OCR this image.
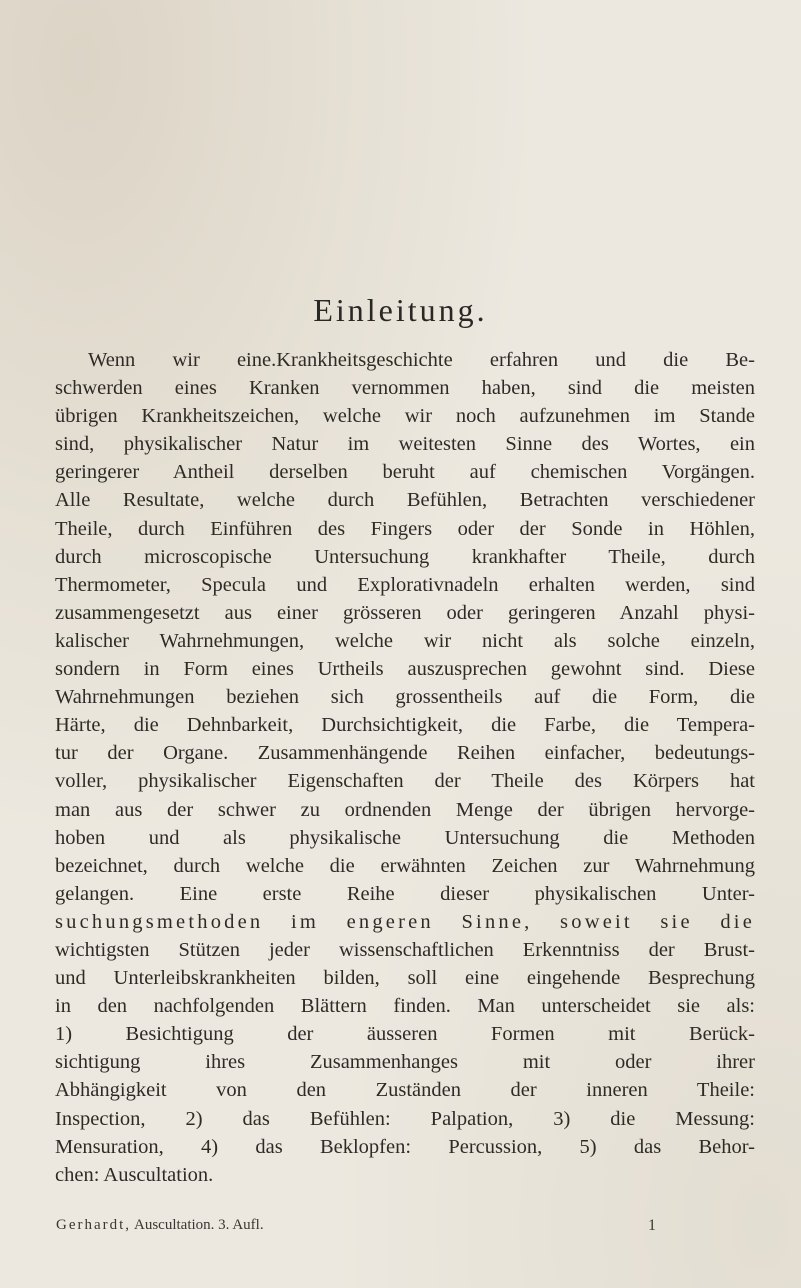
Einleitung.
Wenn wir eine.Krankheitsgeschichte erfahren und die Be-
schwerden eines Kranken vernommen haben, sind die meisten
übrigen Krankheitszeichen, welche wir noch aufzunehmen im Stande
sind, physikalischer Natur im weitesten Sinne des Wortes, ein
geringerer Antheil derselben beruht auf chemischen Vorgängen.
Alle Resultate, welche durch Befühlen, Betrachten verschiedener
Theile, durch Einführen des Fingers oder der Sonde in Höhlen,
durch microscopische Untersuchung krankhafter Theile, durch
Thermometer, Specula und Explorativnadeln erhalten werden, sind
zusammengesetzt aus einer grösseren oder geringeren Anzahl physi-
kalischer Wahrnehmungen, welche wir nicht als solche einzeln,
sondern in Form eines Urtheils auszusprechen gewohnt sind. Diese
Wahrnehmungen beziehen sich grossentheils auf die Form, die
Härte, die Dehnbarkeit, Durchsichtigkeit, die Farbe, die Tempera-
tur der Organe. Zusammenhängende Reihen einfacher, bedeutungs-
voller, physikalischer Eigenschaften der Theile des Körpers hat
man aus der schwer zu ordnenden Menge der übrigen hervorge-
hoben und als physikalische Untersuchung die Methoden
bezeichnet, durch welche die erwähnten Zeichen zur Wahrnehmung
gelangen. Eine erste Reihe dieser physikalischen Unter-
suchungsmethoden im engeren Sinne, soweit sie die
wichtigsten Stützen jeder wissenschaftlichen Erkenntniss der Brust-
und Unterleibskrankheiten bilden, soll eine eingehende Besprechung
in den nachfolgenden Blättern finden. Man unterscheidet sie als:
1) Besichtigung der äusseren Formen mit Berück-
sichtigung ihres Zusammenhanges mit oder ihrer
Abhängigkeit von den Zuständen der inneren Theile:
Inspection, 2) das Befühlen: Palpation, 3) die Messung:
Mensuration, 4) das Beklopfen: Percussion, 5) das Behor-
chen: Auscultation.
Gerhardt, Auscultation. 3. Aufl.	1
